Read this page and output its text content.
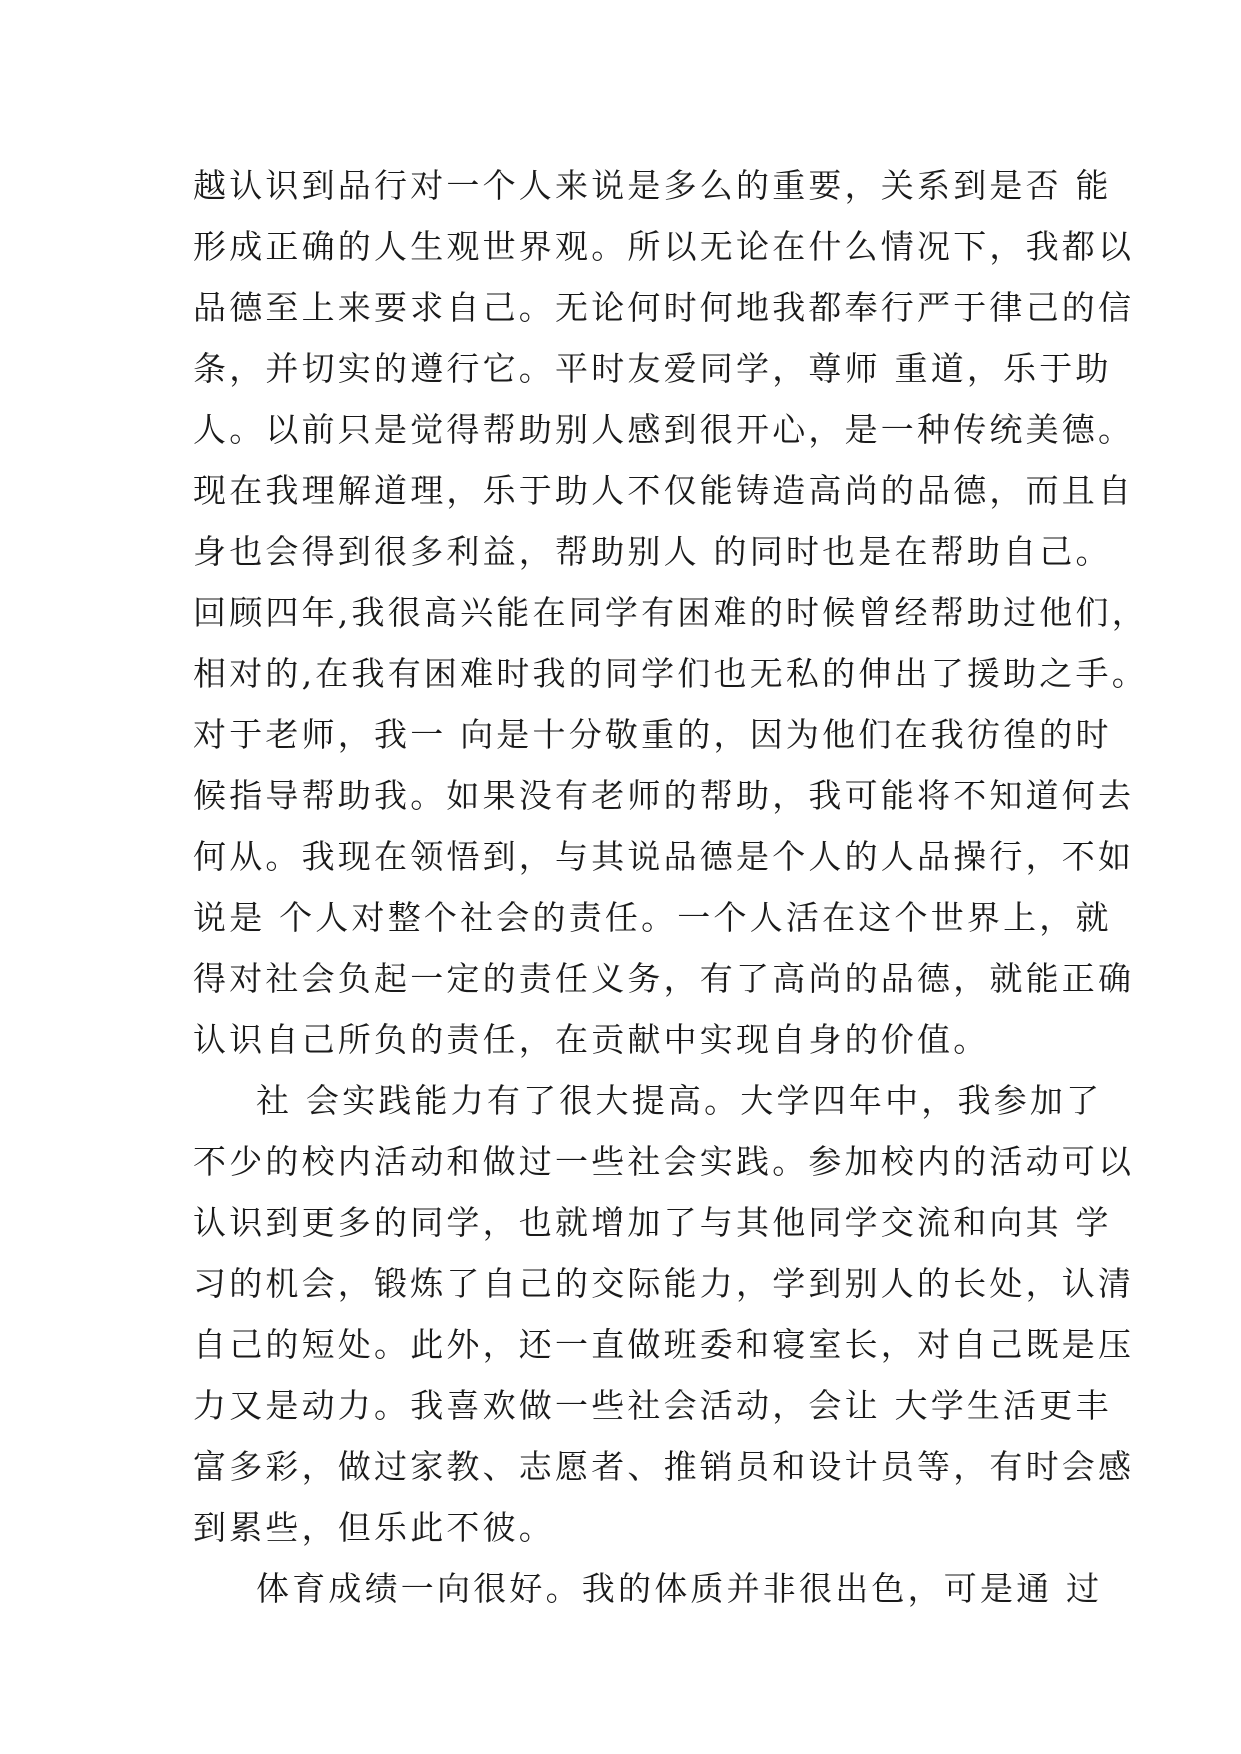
越认识到品行对一个人来说是多么的重要，关系到是否 能
形成正确的人生观世界观。所以无论在什么情况下，我都以
品德至上来要求自己。无论何时何地我都奉行严于律己的信
条，并切实的遵行它。平时友爱同学，尊师 重道，乐于助
人。以前只是觉得帮助别人感到很开心，是一种传统美德。
现在我理解道理，乐于助人不仅能铸造高尚的品德，而且自
身也会得到很多利益，帮助别人 的同时也是在帮助自己。
回顾四年,我很高兴能在同学有困难的时候曾经帮助过他们，
相对的,在我有困难时我的同学们也无私的伸出了援助之手。
对于老师，我一 向是十分敬重的，因为他们在我彷徨的时
候指导帮助我。如果没有老师的帮助，我可能将不知道何去
何从。我现在领悟到，与其说品德是个人的人品操行，不如
说是 个人对整个社会的责任。一个人活在这个世界上，就
得对社会负起一定的责任义务，有了高尚的品德，就能正确
认识自己所负的责任，在贡献中实现自身的价值。
社 会实践能力有了很大提高。大学四年中，我参加了
不少的校内活动和做过一些社会实践。参加校内的活动可以
认识到更多的同学，也就增加了与其他同学交流和向其 学
习的机会，锻炼了自己的交际能力，学到别人的长处，认清
自己的短处。此外，还一直做班委和寝室长，对自己既是压
力又是动力。我喜欢做一些社会活动，会让 大学生活更丰
富多彩，做过家教、志愿者、推销员和设计员等，有时会感
到累些，但乐此不彼。
体育成绩一向很好。我的体质并非很出色，可是通 过
